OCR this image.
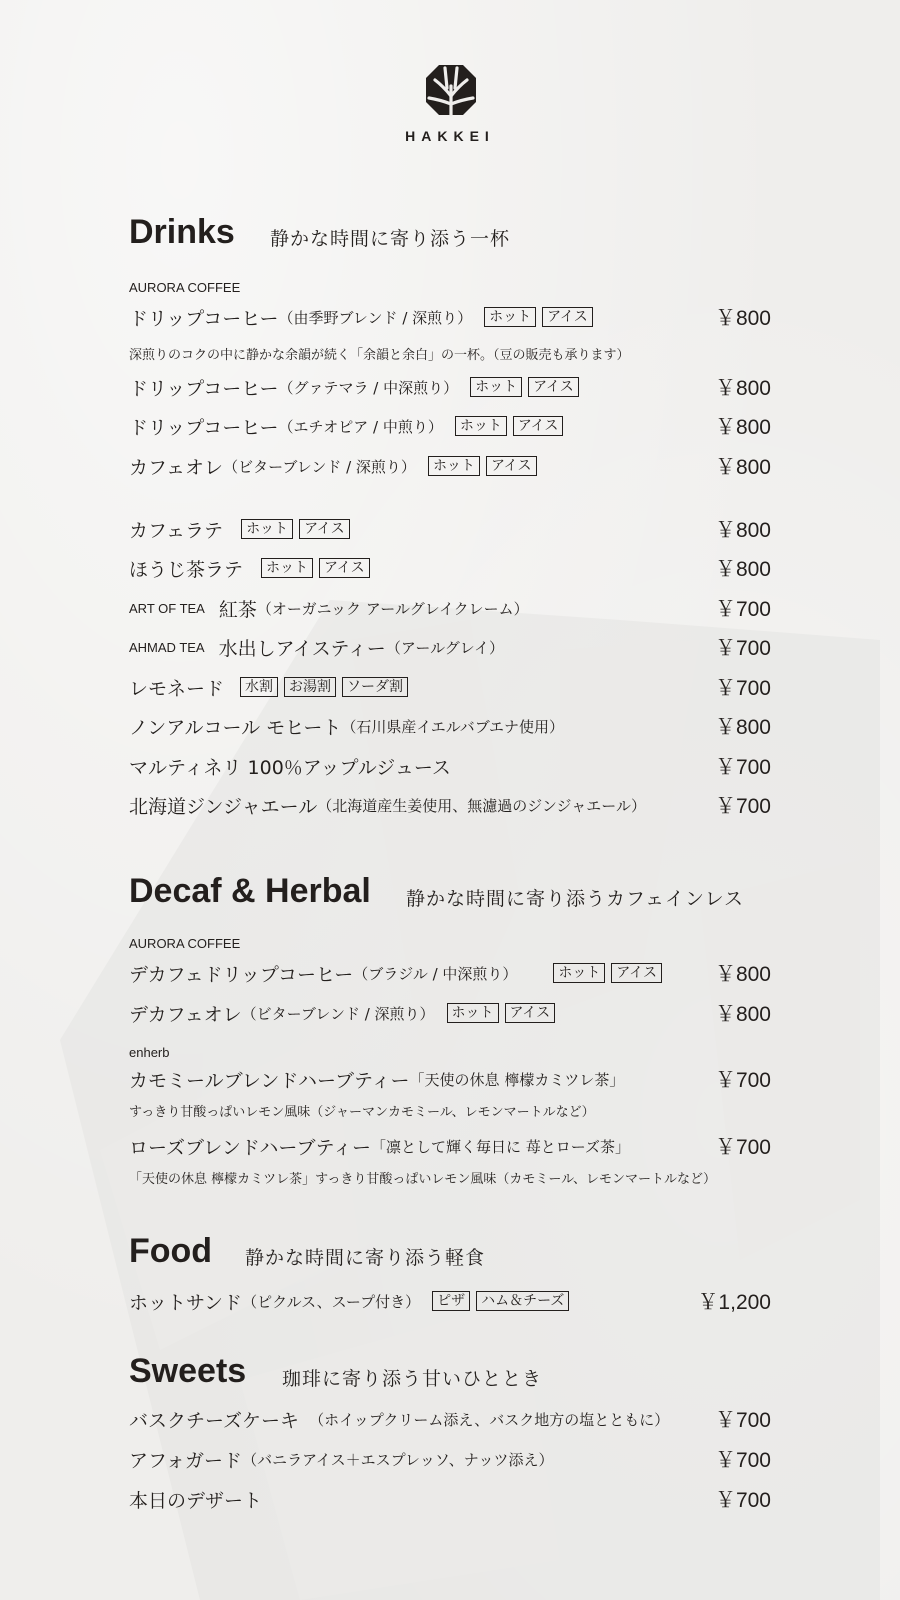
HAKKEI
Drinks 静かな時間に寄り添う一杯
AURORA COFFEE
ドリップコーヒー （由季野ブレンド / 深煎り）	ホット	アイス	￥800
深煎りのコクの中に静かな余韻が続く「余韻と余白」の一杯。（豆の販売も承ります）
ドリップコーヒー （グァテマラ / 中深煎り）	ホット	アイス	￥800
ドリップコーヒー （エチオピア / 中煎り）	ホット	アイス	￥800
カフェオレ （ビターブレンド / 深煎り）	ホット	アイス	￥800
カフェラテ	ホット	アイス	￥800
ほうじ茶ラテ	ホット	アイス	￥800
ART OF TEA 紅茶 （オーガニック アールグレイクレーム）	￥700
AHMAD TEA 水出しアイスティー （アールグレイ）	￥700
レモネード	水割	お湯割	ソーダ割	￥700
ノンアルコール モヒート （石川県産イエルバブエナ使用）	￥800
マルティネリ 100％アップルジュース	￥700
北海道ジンジャエール （北海道産生姜使用、無濾過のジンジャエール）	￥700
Decaf & Herbal 静かな時間に寄り添うカフェインレス
AURORA COFFEE
デカフェドリップコーヒー （ブラジル / 中深煎り）	ホット	アイス	￥800
デカフェオレ （ビターブレンド / 深煎り）	ホット	アイス	￥800
enherb
カモミールブレンドハーブティー 「天使の休息 檸檬カミツレ茶」	￥700
すっきり甘酸っぱいレモン風味（ジャーマンカモミール、レモンマートルなど）
ローズブレンドハーブティー 「凛として輝く毎日に 苺とローズ茶」	￥700
「天使の休息 檸檬カミツレ茶」すっきり甘酸っぱいレモン風味（カモミール、レモンマートルなど）
Food 静かな時間に寄り添う軽食
ホットサンド （ピクルス、スープ付き）	ピザ	ハム＆チーズ	￥1,200
Sweets 珈琲に寄り添う甘いひととき
バスクチーズケーキ （ホイップクリーム添え、バスク地方の塩とともに） ￥700
アフォガード （バニラアイス＋エスプレッソ、ナッツ添え）	￥700
本日のデザート	￥700
